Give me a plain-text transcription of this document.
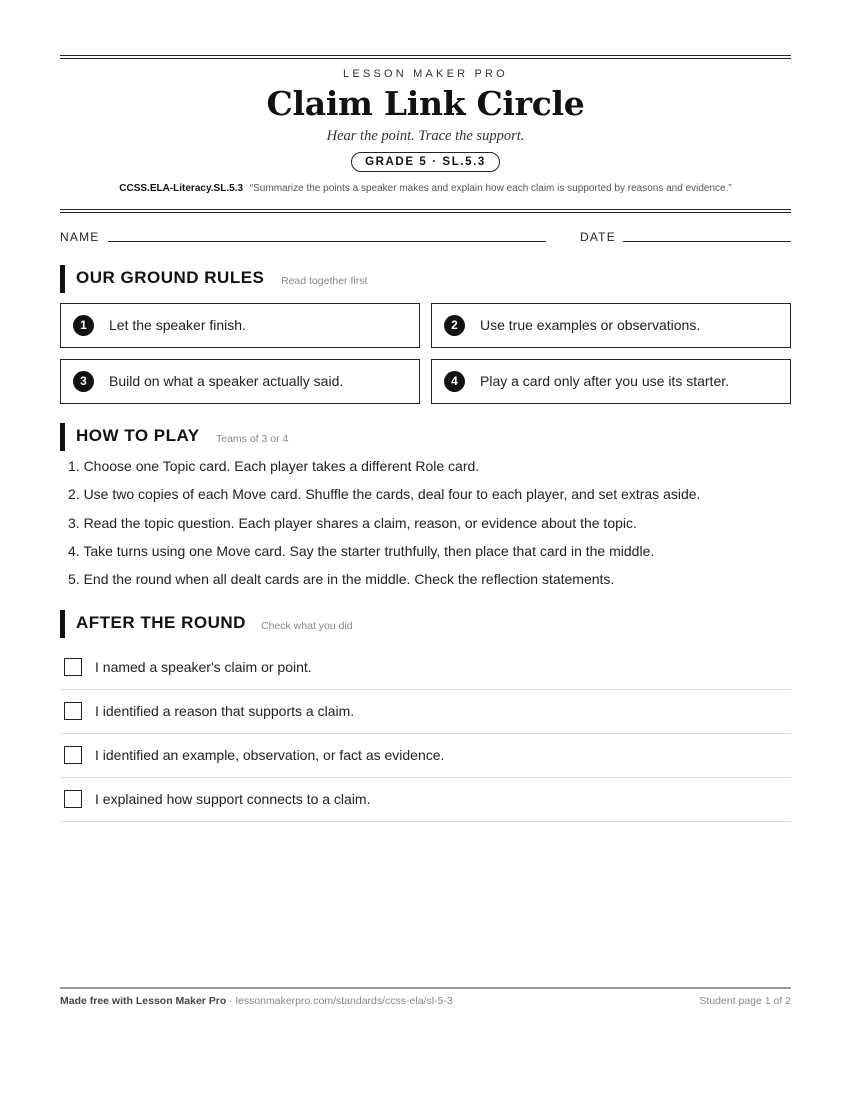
LESSON MAKER PRO
Claim Link Circle
Hear the point. Trace the support.
GRADE 5 · SL.5.3
CCSS.ELA-Literacy.SL.5.3 “Summarize the points a speaker makes and explain how each claim is supported by reasons and evidence.”
NAME	DATE
OUR GROUND RULES Read together first
1	Let the speaker finish.	2	Use true examples or observations.
3	Build on what a speaker actually said.	4	Play a card only after you use its starter.
HOW TO PLAY Teams of 3 or 4
1. Choose one Topic card. Each player takes a different Role card.
2. Use two copies of each Move card. Shuffle the cards, deal four to each player, and set extras aside.
3. Read the topic question. Each player shares a claim, reason, or evidence about the topic.
4. Take turns using one Move card. Say the starter truthfully, then place that card in the middle.
5. End the round when all dealt cards are in the middle. Check the reflection statements.
AFTER THE ROUND Check what you did
I named a speaker's claim or point.
I identified a reason that supports a claim.
I identified an example, observation, or fact as evidence.
I explained how support connects to a claim.
Made free with Lesson Maker Pro · lessonmakerpro.com/standards/ccss-ela/sl-5-3	Student page 1 of 2
